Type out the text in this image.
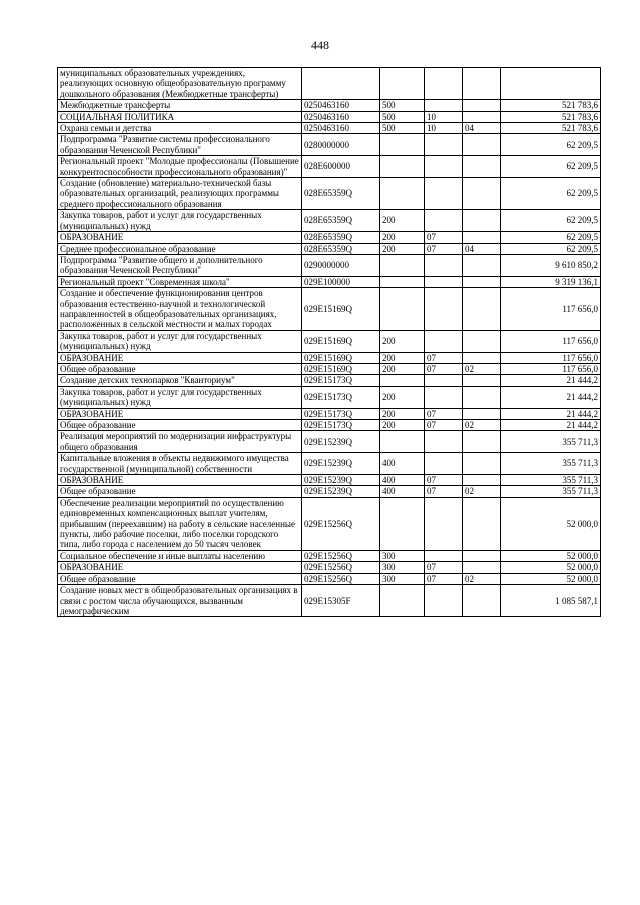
448
муниципальных образовательных учреждениях, реализующих основную общеобразовательную программу дошкольного образования (Межбюджетные трансферты)					
Межбюджетные трансферты	0250463160	500			521 783,6
СОЦИАЛЬНАЯ ПОЛИТИКА	0250463160	500	10		521 783,6
Охрана семьи и детства	0250463160	500	10	04	521 783,6
Подпрограмма "Развитие системы профессионального образования Чеченской Республики"	0280000000				62 209,5
Региональный проект "Молодые профессионалы (Повышение конкурентоспособности профессионального образования)"	028E600000				62 209,5
Создание (обновление) материально-технической базы образовательных организаций, реализующих программы среднего профессионального образования	028E65359Q				62 209,5
Закупка товаров, работ и услуг для государственных (муниципальных) нужд	028E65359Q	200			62 209,5
ОБРАЗОВАНИЕ	028E65359Q	200	07		62 209,5
Среднее профессиональное образование	028E65359Q	200	07	04	62 209,5
Подпрограмма "Развитие общего и дополнительного образования Чеченской Республики"	0290000000				9 610 850,2
Региональный проект "Современная школа"	029E100000				9 319 136,1
Создание и обеспечение функционирования центров образования естественно-научной и технологической направленностей в общеобразовательных организациях, расположенных в сельской местности и малых городах	029E15169Q				117 656,0
Закупка товаров, работ и услуг для государственных (муниципальных) нужд	029E15169Q	200			117 656,0
ОБРАЗОВАНИЕ	029E15169Q	200	07		117 656,0
Общее образование	029E15169Q	200	07	02	117 656,0
Создание детских технопарков "Кванториум"	029E15173Q				21 444,2
Закупка товаров, работ и услуг для государственных (муниципальных) нужд	029E15173Q	200			21 444,2
ОБРАЗОВАНИЕ	029E15173Q	200	07		21 444,2
Общее образование	029E15173Q	200	07	02	21 444,2
Реализация мероприятий по модернизации инфраструктуры общего образования	029E15239Q				355 711,3
Капитальные вложения в объекты недвижимого имущества государственной (муниципальной) собственности	029E15239Q	400			355 711,3
ОБРАЗОВАНИЕ	029E15239Q	400	07		355 711,3
Общее образование	029E15239Q	400	07	02	355 711,3
Обеспечение реализации мероприятий по осуществлению единовременных компенсационных выплат учителям, прибывшим (переехавшим) на работу в сельские населенные пункты, либо рабочие поселки, либо поселки городского типа, либо города с населением до 50 тысяч человек	029E15256Q				52 000,0
Социальное обеспечение и иные выплаты населению	029E15256Q	300			52 000,0
ОБРАЗОВАНИЕ	029E15256Q	300	07		52 000,0
Общее образование	029E15256Q	300	07	02	52 000,0
Создание новых мест в общеобразовательных организациях в связи с ростом числа обучающихся, вызванным демографическим	029E15305F				1 085 587,1
